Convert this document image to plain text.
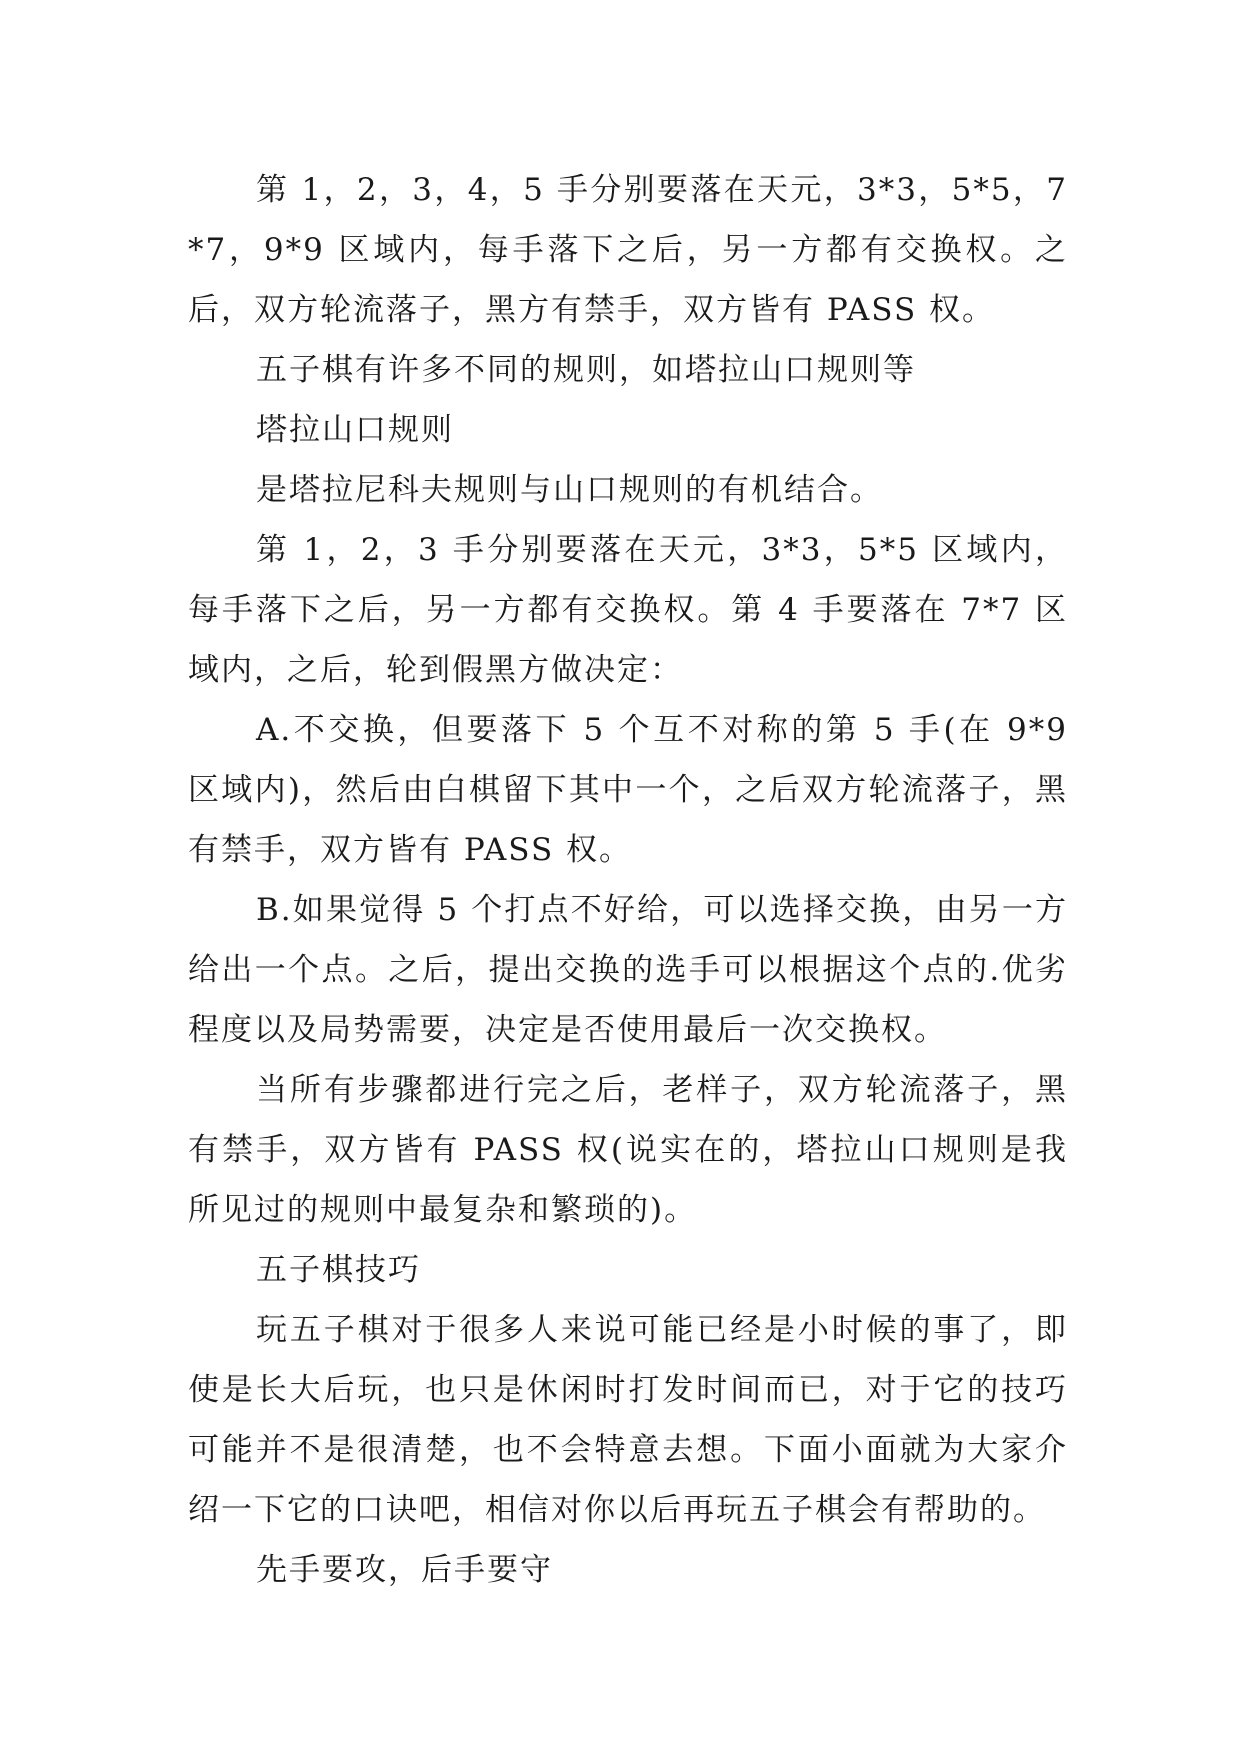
第 1，2，3，4，5 手分别要落在天元，3*3，5*5，7*7，9*9 区域内，每手落下之后，另一方都有交换权。之后，双方轮流落子，黑方有禁手，双方皆有 PASS 权。

五子棋有许多不同的规则，如塔拉山口规则等

塔拉山口规则

是塔拉尼科夫规则与山口规则的有机结合。

第 1，2，3 手分别要落在天元，3*3，5*5 区域内，每手落下之后，另一方都有交换权。第 4 手要落在 7*7 区域内，之后，轮到假黑方做决定：

A.不交换，但要落下 5 个互不对称的第 5 手(在 9*9 区域内)，然后由白棋留下其中一个，之后双方轮流落子，黑有禁手，双方皆有 PASS 权。

B.如果觉得 5 个打点不好给，可以选择交换，由另一方给出一个点。之后，提出交换的选手可以根据这个点的.优劣程度以及局势需要，决定是否使用最后一次交换权。

当所有步骤都进行完之后，老样子，双方轮流落子，黑有禁手，双方皆有 PASS 权(说实在的，塔拉山口规则是我所见过的规则中最复杂和繁琐的)。

五子棋技巧

玩五子棋对于很多人来说可能已经是小时候的事了，即使是长大后玩，也只是休闲时打发时间而已，对于它的技巧可能并不是很清楚，也不会特意去想。下面小面就为大家介绍一下它的口诀吧，相信对你以后再玩五子棋会有帮助的。

先手要攻，后手要守
